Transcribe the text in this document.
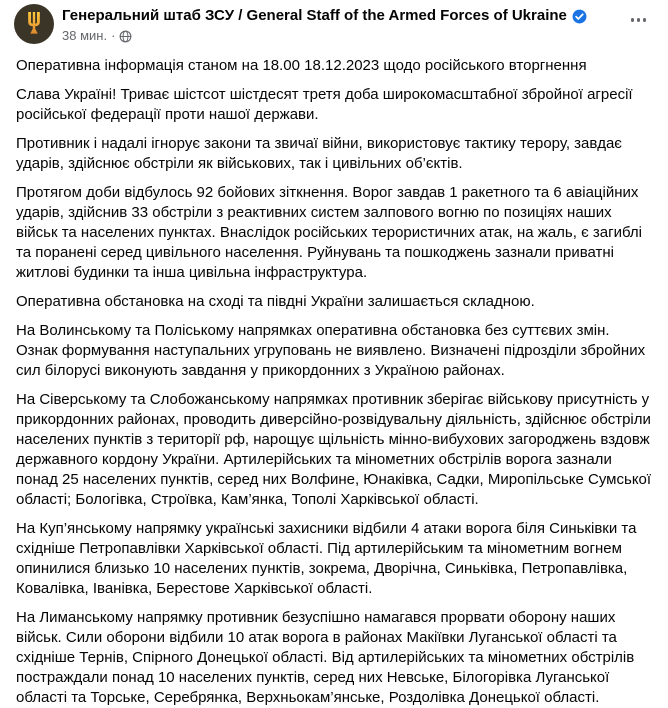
Генеральний штаб ЗСУ / General Staff of the Armed Forces of Ukraine
38 мин. ·

Оперативна інформація станом на 18.00 18.12.2023 щодо російського вторгнення

Слава Україні! Триває шістсот шістдесят третя доба широкомасштабної збройної агресії російської федерації проти нашої держави.

Противник і надалі ігнорує закони та звичаї війни, використовує тактику терору, завдає ударів, здійснює обстріли як військових, так і цивільних об’єктів.

Протягом доби відбулось 92 бойових зіткнення. Ворог завдав 1 ракетного та 6 авіаційних ударів, здійснив 33 обстріли з реактивних систем залпового вогню по позиціях наших військ та населених пунктах. Внаслідок російських терористичних атак, на жаль, є загиблі та поранені серед цивільного населення. Руйнувань та пошкоджень зазнали приватні житлові будинки та інша цивільна інфраструктура.

Оперативна обстановка на сході та півдні України залишається складною.

На Волинському та Поліському напрямках оперативна обстановка без суттєвих змін. Ознак формування наступальних угруповань не виявлено. Визначені підрозділи збройних сил білорусі виконують завдання у прикордонних з Україною районах.

На Сіверському та Слобожанському напрямках противник зберігає військову присутність у прикордонних районах, проводить диверсійно-розвідувальну діяльність, здійснює обстріли населених пунктів з території рф, нарощує щільність мінно-вибухових загороджень вздовж державного кордону України. Артилерійських та мінометних обстрілів ворога зазнали понад 25 населених пунктів, серед них Волфине, Юнаківка, Садки, Миропільське Сумської області; Бологівка, Строївка, Кам’янка, Тополі Харківської області.

На Куп’янському напрямку українські захисники відбили 4 атаки ворога біля Синьківки та східніше Петропавлівки Харківської області. Під артилерійським та мінометним вогнем опинилися близько 10 населених пунктів, зокрема, Дворічна, Синьківка, Петропавлівка, Ковалівка, Іванівка, Берестове Харківської області.

На Лиманському напрямку противник безуспішно намагався прорвати оборону наших військ. Сили оборони відбили 10 атак ворога в районах Макіївки Луганської області та східніше Тернів, Спірного Донецької області. Від артилерійських та мінометних обстрілів постраждали понад 10 населених пунктів, серед них Невське, Білогорівка Луганської області та Торське, Серебрянка, Верхньокам’янське, Роздолівка Донецької області.
